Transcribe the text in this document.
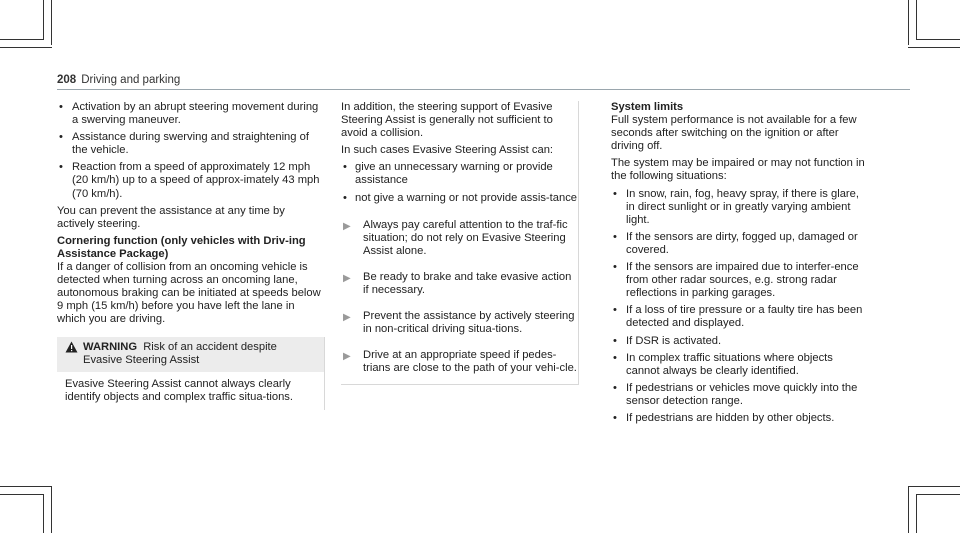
208 Driving and parking
• Activation by an abrupt steering movement during a swerving maneuver.
• Assistance during swerving and straightening of the vehicle.
• Reaction from a speed of approximately 12 mph (20 km/h) up to a speed of approx-imately 43 mph (70 km/h).

You can prevent the assistance at any time by actively steering.

Cornering function (only vehicles with Driv-ing Assistance Package)

If a danger of collision from an oncoming vehicle is detected when turning across an oncoming lane, autonomous braking can be initiated at speeds below 9 mph (15 km/h) before you have left the lane in which you are driving.

WARNING Risk of an accident despite Evasive Steering Assist
Evasive Steering Assist cannot always clearly identify objects and complex traffic situa-tions.

In addition, the steering support of Evasive Steering Assist is generally not sufficient to avoid a collision.

In such cases Evasive Steering Assist can:

• give an unnecessary warning or provide assistance
• not give a warning or not provide assis-tance
▶ Always pay careful attention to the traf-fic situation; do not rely on Evasive Steering Assist alone.
▶ Be ready to brake and take evasive action if necessary.
▶ Prevent the assistance by actively steering in non-critical driving situa-tions.
▶ Drive at an appropriate speed if pedes-trians are close to the path of your vehi-cle.
System limits

Full system performance is not available for a few seconds after switching on the ignition or after driving off.

The system may be impaired or may not function in the following situations:

• In snow, rain, fog, heavy spray, if there is glare, in direct sunlight or in greatly varying ambient light.
• If the sensors are dirty, fogged up, damaged or covered.
• If the sensors are impaired due to interfer-ence from other radar sources, e.g. strong radar reflections in parking garages.
• If a loss of tire pressure or a faulty tire has been detected and displayed.
• If DSR is activated.
• In complex traffic situations where objects cannot always be clearly identified.
• If pedestrians or vehicles move quickly into the sensor detection range.
• If pedestrians are hidden by other objects.
